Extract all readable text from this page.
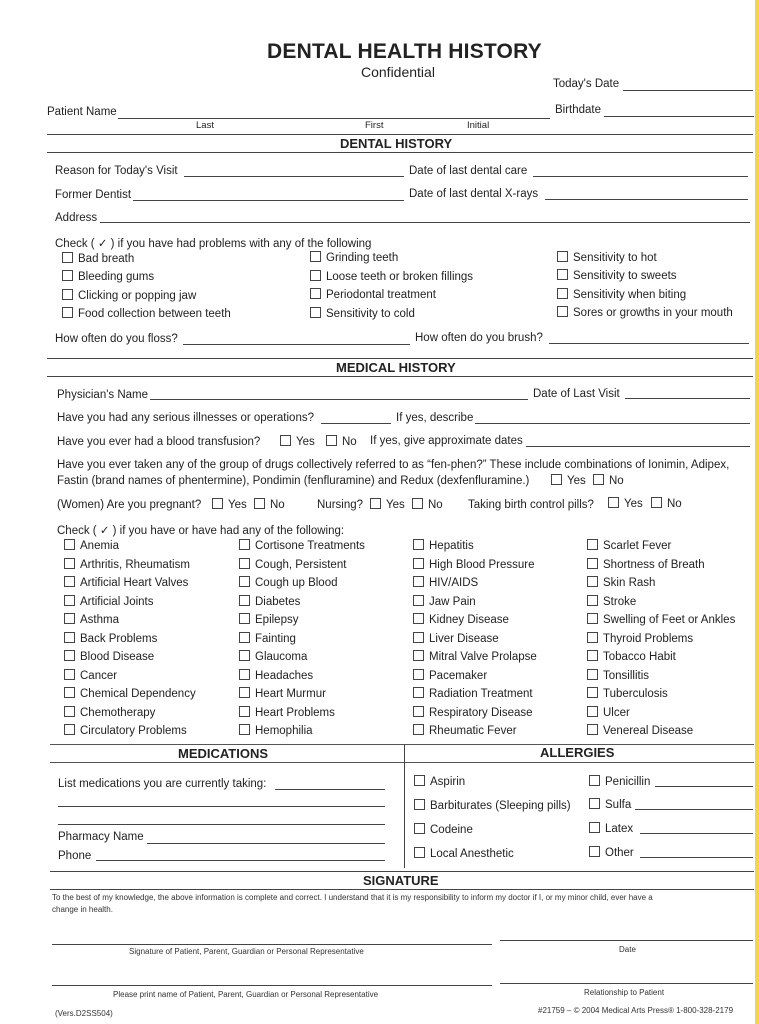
DENTAL HEALTH HISTORY
Confidential
Today's Date
Patient Name	Birthdate
Last	First	Initial
DENTAL HISTORY
Reason for Today's Visit	Date of last dental care
Former Dentist	Date of last dental X-rays
Address
Check ( ✓ ) if you have had problems with any of the following
Bad breath
Bleeding gums
Clicking or popping jaw
Food collection between teeth
Grinding teeth
Loose teeth or broken fillings
Periodontal treatment
Sensitivity to cold
Sensitivity to hot
Sensitivity to sweets
Sensitivity when biting
Sores or growths in your mouth
How often do you floss?	How often do you brush?
MEDICAL HISTORY
Physician's Name	Date of Last Visit
Have you had any serious illnesses or operations?	If yes, describe
Have you ever had a blood transfusion?	Yes	No If yes, give approximate dates
Have you ever taken any of the group of drugs collectively referred to as “fen-phen?” These include combinations of Ionimin, Adipex,
Fastin (brand names of phentermine), Pondimin (fenfluramine) and Redux (dexfenfluramine.)	Yes	No
(Women) Are you pregnant?	Yes	No	Nursing?	Yes	No Taking birth control pills?	Yes	No
Check ( ✓ ) if you have or have had any of the following:
Anemia
Arthritis, Rheumatism
Artificial Heart Valves
Artificial Joints
Asthma
Back Problems
Blood Disease
Cancer
Chemical Dependency
Chemotherapy
Circulatory Problems
Cortisone Treatments
Cough, Persistent
Cough up Blood
Diabetes
Epilepsy
Fainting
Glaucoma
Headaches
Heart Murmur
Heart Problems
Hemophilia
Hepatitis
High Blood Pressure
HIV/AIDS
Jaw Pain
Kidney Disease
Liver Disease
Mitral Valve Prolapse
Pacemaker
Radiation Treatment
Respiratory Disease
Rheumatic Fever
Scarlet Fever
Shortness of Breath
Skin Rash
Stroke
Swelling of Feet or Ankles
Thyroid Problems
Tobacco Habit
Tonsillitis
Tuberculosis
Ulcer
Venereal Disease
MEDICATIONS	ALLERGIES
List medications you are currently taking:
Pharmacy Name
Phone
Aspirin
Barbiturates (Sleeping pills)
Codeine
Local Anesthetic
Penicillin
Sulfa
Latex
Other
SIGNATURE
To the best of my knowledge, the above information is complete and correct. I understand that it is my responsibility to inform my doctor if I, or my minor child, ever have a
change in health.
Signature of Patient, Parent, Guardian or Personal Representative	Date
Please print name of Patient, Parent, Guardian or Personal Representative	Relationship to Patient
(Vers.D2SS504)	#21759 – © 2004 Medical Arts Press® 1-800-328-2179
